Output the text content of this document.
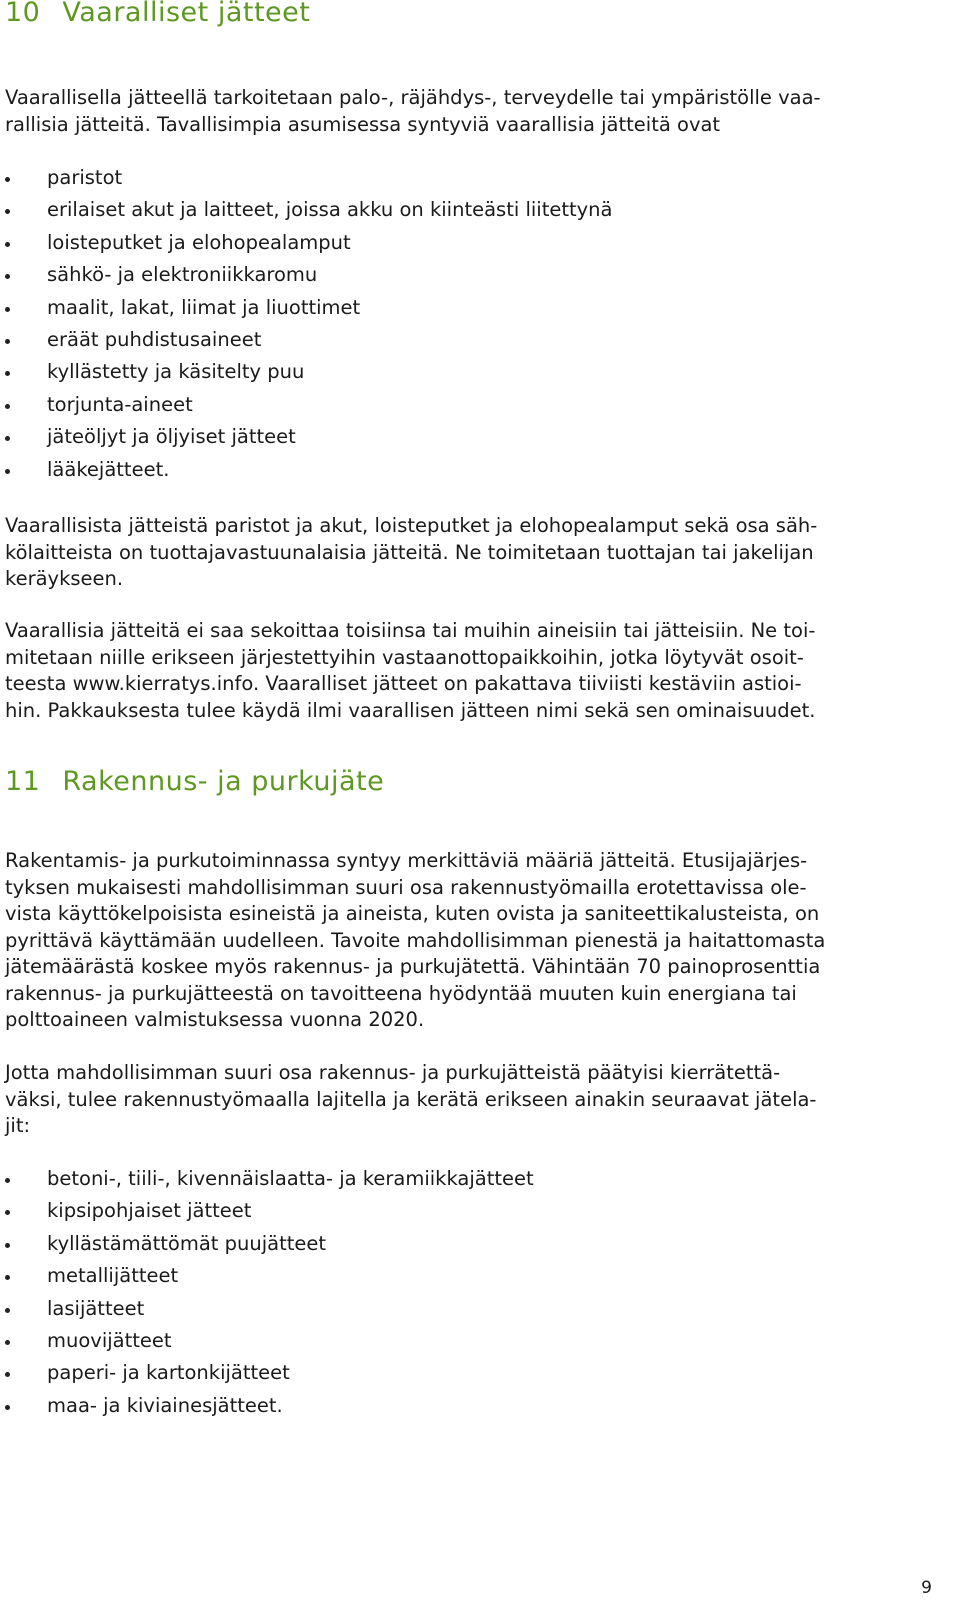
10 Vaaralliset jätteet

Vaarallisella jätteellä tarkoitetaan palo-, räjähdys-, terveydelle tai ympäristölle vaa-

rallisia jätteitä. Tavallisimpia asumisessa syntyviä vaarallisia jätteitä ovat

paristot
erilaiset akut ja laitteet, joissa akku on kiinteästi liitettynä
loisteputket ja elohopealamput
sähkö- ja elektroniikkaromu
maalit, lakat, liimat ja liuottimet
eräät puhdistusaineet
kyllästetty ja käsitelty puu
torjunta-aineet
jäteöljyt ja öljyiset jätteet
lääkejätteet.

Vaarallisista jätteistä paristot ja akut, loisteputket ja elohopealamput sekä osa säh-

kölaitteista on tuottajavastuunalaisia jätteitä. Ne toimitetaan tuottajan tai jakelijan

keräykseen.

Vaarallisia jätteitä ei saa sekoittaa toisiinsa tai muihin aineisiin tai jätteisiin. Ne toi-

mitetaan niille erikseen järjestettyihin vastaanottopaikkoihin, jotka löytyvät osoit-

teesta www.kierratys.info. Vaaralliset jätteet on pakattava tiiviisti kestäviin astioi-

hin. Pakkauksesta tulee käydä ilmi vaarallisen jätteen nimi sekä sen ominaisuudet.

11 Rakennus- ja purkujäte

Rakentamis- ja purkutoiminnassa syntyy merkittäviä määriä jätteitä. Etusijajärjes-

tyksen mukaisesti mahdollisimman suuri osa rakennustyömailla erotettavissa ole-

vista käyttökelpoisista esineistä ja aineista, kuten ovista ja saniteettikalusteista, on

pyrittävä käyttämään uudelleen. Tavoite mahdollisimman pienestä ja haitattomasta

jätemäärästä koskee myös rakennus- ja purkujätettä. Vähintään 70 painoprosenttia

rakennus- ja purkujätteestä on tavoitteena hyödyntää muuten kuin energiana tai

polttoaineen valmistuksessa vuonna 2020.

Jotta mahdollisimman suuri osa rakennus- ja purkujätteistä päätyisi kierrätettä-

väksi, tulee rakennustyömaalla lajitella ja kerätä erikseen ainakin seuraavat jätela-

jit:

betoni-, tiili-, kivennäislaatta- ja keramiikkajätteet
kipsipohjaiset jätteet
kyllästämättömät puujätteet
metallijätteet
lasijätteet
muovijätteet
paperi- ja kartonkijätteet
maa- ja kiviainesjätteet.
9
